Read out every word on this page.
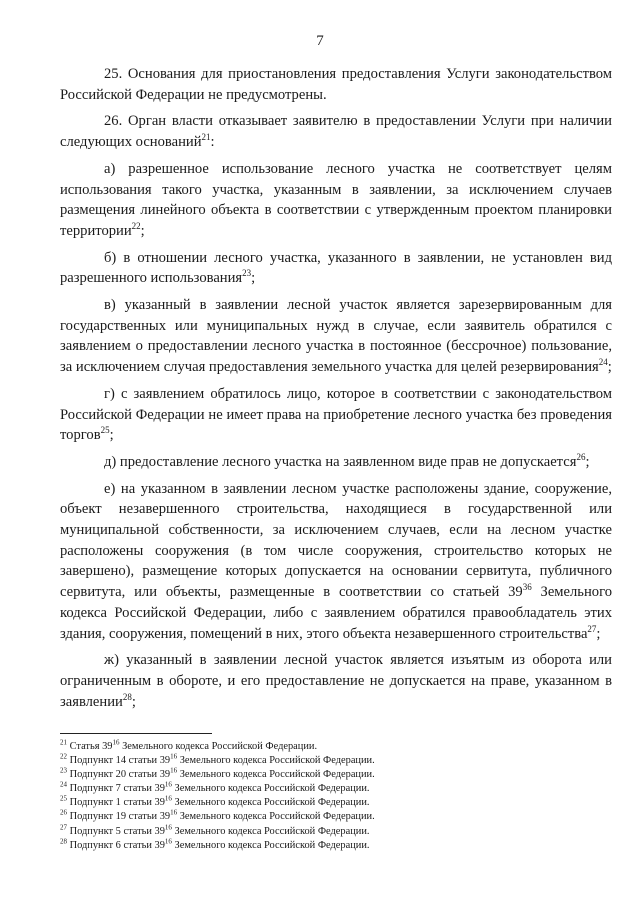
7

25. Основания для приостановления предоставления Услуги законодательством Российской Федерации не предусмотрены.

26. Орган власти отказывает заявителю в предоставлении Услуги при наличии следующих оснований$^{21}$:

а) разрешенное использование лесного участка не соответствует целям использования такого участка, указанным в заявлении, за исключением случаев размещения линейного объекта в соответствии с утвержденным проектом планировки территории$^{22}$;

б) в отношении лесного участка, указанного в заявлении, не установлен вид разрешенного использования$^{23}$;

в) указанный в заявлении лесной участок является зарезервированным для государственных или муниципальных нужд в случае, если заявитель обратился с заявлением о предоставлении лесного участка в постоянное (бессрочное) пользование, за исключением случая предоставления земельного участка для целей резервирования$^{24}$;

г) с заявлением обратилось лицо, которое в соответствии с законодательством Российской Федерации не имеет права на приобретение лесного участка без проведения торгов$^{25}$;

д) предоставление лесного участка на заявленном виде прав не допускается$^{26}$;

е) на указанном в заявлении лесном участке расположены здание, сооружение, объект незавершенного строительства, находящиеся в государственной или муниципальной собственности, за исключением случаев, если на лесном участке расположены сооружения (в том числе сооружения, строительство которых не завершено), размещение которых допускается на основании сервитута, публичного сервитута, или объекты, размещенные в соответствии со статьей $39^{36}$ Земельного кодекса Российской Федерации, либо с заявлением обратился правообладатель этих здания, сооружения, помещений в них, этого объекта незавершенного строительства$^{27}$;

ж) указанный в заявлении лесной участок является изъятым из оборота или ограниченным в обороте, и его предоставление не допускается на праве, указанном в заявлении$^{28}$;

$^{21}$ Статья $39^{16}$ Земельного кодекса Российской Федерации.
$^{22}$ Подпункт 14 статьи $39^{16}$ Земельного кодекса Российской Федерации.
$^{23}$ Подпункт 20 статьи $39^{16}$ Земельного кодекса Российской Федерации.
$^{24}$ Подпункт 7 статьи $39^{16}$ Земельного кодекса Российской Федерации.
$^{25}$ Подпункт 1 статьи $39^{16}$ Земельного кодекса Российской Федерации.
$^{26}$ Подпункт 19 статьи $39^{16}$ Земельного кодекса Российской Федерации.
$^{27}$ Подпункт 5 статьи $39^{16}$ Земельного кодекса Российской Федерации.
$^{28}$ Подпункт 6 статьи $39^{16}$ Земельного кодекса Российской Федерации.
